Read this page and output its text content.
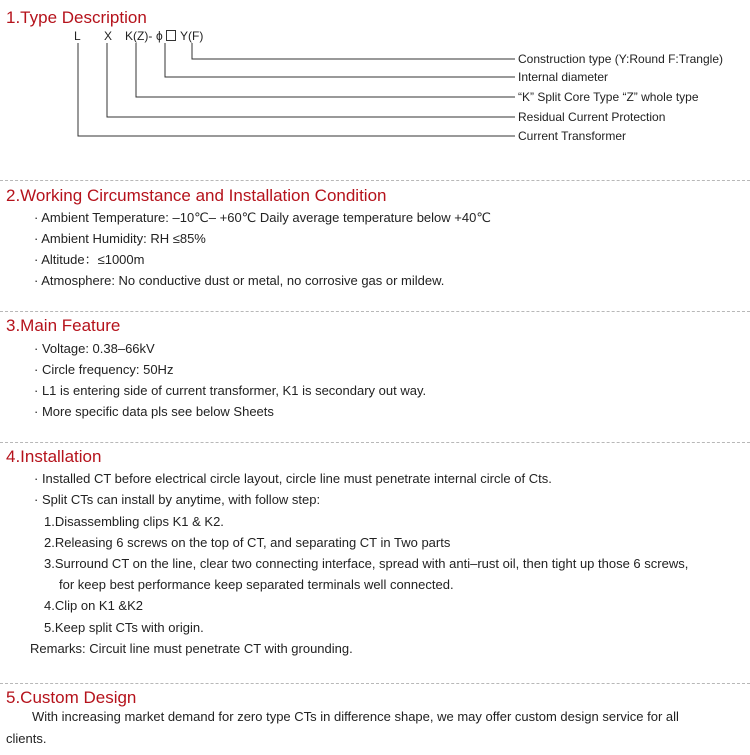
1.Type Description
L X K(Z)- ϕ Y(F)
Construction type (Y:Round F:Trangle)
Internal diameter
“K” Split Core Type “Z” whole type
Residual Current Protection
Current Transformer
2.Working Circumstance and Installation Condition
· Ambient Temperature: –10℃– +60℃ Daily average temperature below +40℃
· Ambient Humidity: RH ≤85%
· Altitude：≤1000m
· Atmosphere: No conductive dust or metal, no corrosive gas or mildew.
3.Main Feature
· Voltage: 0.38–66kV
· Circle frequency: 50Hz
· L1 is entering side of current transformer, K1 is secondary out way.
· More specific data pls see below Sheets
4.Installation
· Installed CT before electrical circle layout, circle line must penetrate internal circle of Cts.
· Split CTs can install by anytime, with follow step:
1.Disassembling clips K1 & K2.
2.Releasing 6 screws on the top of CT, and separating CT in Two parts
3.Surround CT on the line, clear two connecting interface, spread with anti–rust oil, then tight up those 6 screws,
for keep best performance keep separated terminals well connected.
4.Clip on K1 &K2
5.Keep split CTs with origin.
Remarks: Circuit line must penetrate CT with grounding.
5.Custom Design
With increasing market demand for zero type CTs in difference shape, we may offer custom design service for all
clients.
